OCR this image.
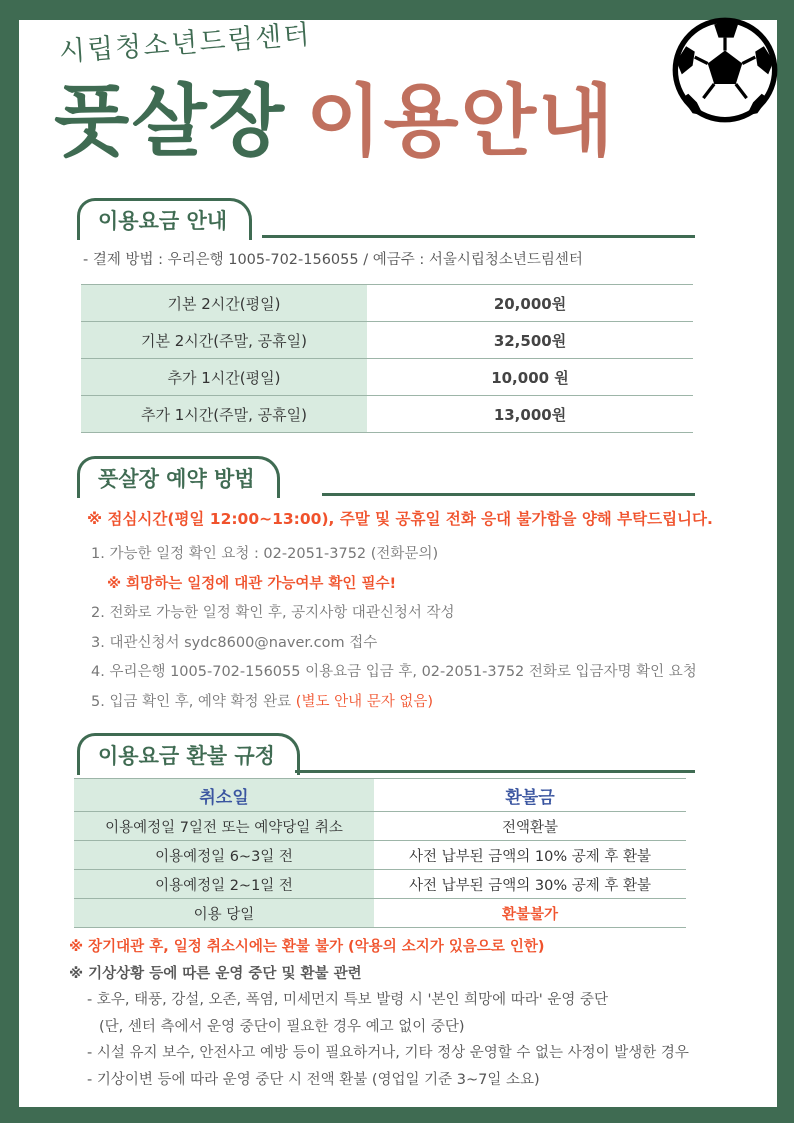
시립청소년드림센터
풋살장 이용안내
이용요금 안내
- 결제 방법 : 우리은행 1005-702-156055 / 예금주 : 서울시립청소년드림센터
기본 2시간(평일)	20,000원
기본 2시간(주말, 공휴일)	32,500원
추가 1시간(평일)	10,000 원
추가 1시간(주말, 공휴일)	13,000원
풋살장 예약 방법
※ 점심시간(평일 12:00~13:00), 주말 및 공휴일 전화 응대 불가함을 양해 부탁드립니다.
1. 가능한 일정 확인 요청 : 02-2051-3752 (전화문의)
※ 희망하는 일정에 대관 가능여부 확인 필수!
2. 전화로 가능한 일정 확인 후, 공지사항 대관신청서 작성
3. 대관신청서 sydc8600@naver.com 접수
4. 우리은행 1005-702-156055 이용요금 입금 후, 02-2051-3752 전화로 입금자명 확인 요청
5. 입금 확인 후, 예약 확정 완료 (별도 안내 문자 없음)
이용요금 환불 규정
취소일	환불금
이용예정일 7일전 또는 예약당일 취소	전액환불
이용예정일 6~3일 전	사전 납부된 금액의 10% 공제 후 환불
이용예정일 2~1일 전	사전 납부된 금액의 30% 공제 후 환불
이용 당일	환불불가
※ 장기대관 후, 일정 취소시에는 환불 불가 (악용의 소지가 있음으로 인한)
※ 기상상황 등에 따른 운영 중단 및 환불 관련
- 호우, 태풍, 강설, 오존, 폭염, 미세먼지 특보 발령 시 '본인 희망에 따라' 운영 중단
(단, 센터 측에서 운영 중단이 필요한 경우 예고 없이 중단)
- 시설 유지 보수, 안전사고 예방 등이 필요하거나, 기타 정상 운영할 수 없는 사정이 발생한 경우
- 기상이변 등에 따라 운영 중단 시 전액 환불 (영업일 기준 3~7일 소요)
